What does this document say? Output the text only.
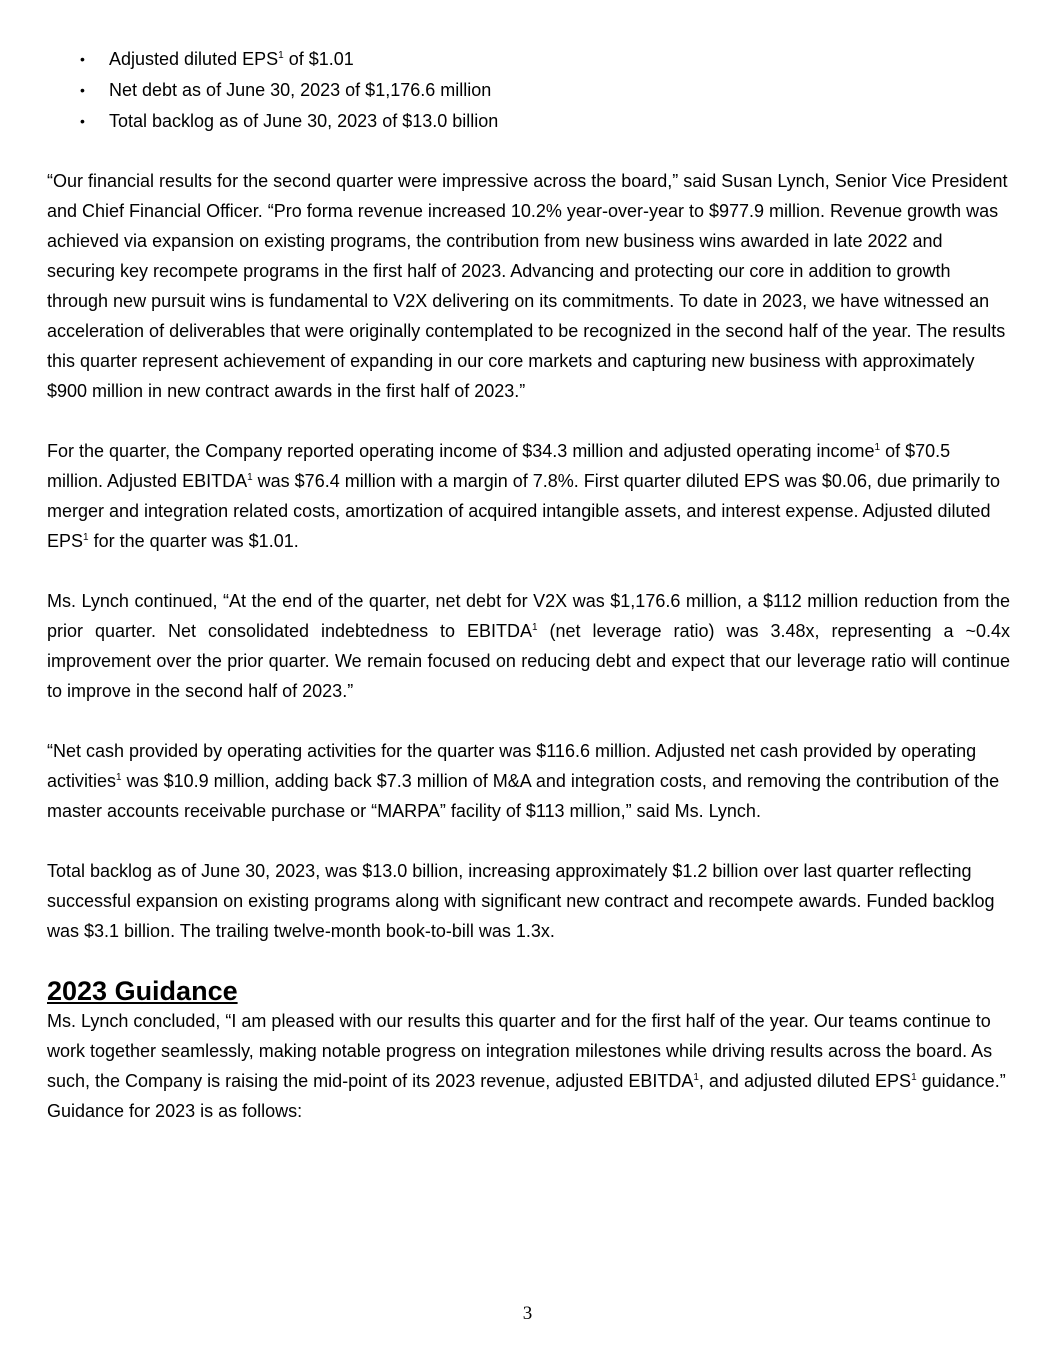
• Adjusted diluted EPS$^1$ of $1.01
• Net debt as of June 30, 2023 of $1,176.6 million
• Total backlog as of June 30, 2023 of $13.0 billion

“Our financial results for the second quarter were impressive across the board,” said Susan Lynch, Senior Vice President and Chief Financial Officer. “Pro forma revenue increased 10.2% year-over-year to $977.9 million. Revenue growth was achieved via expansion on existing programs, the contribution from new business wins awarded in late 2022 and securing key recompete programs in the first half of 2023. Advancing and protecting our core in addition to growth through new pursuit wins is fundamental to V2X delivering on its commitments. To date in 2023, we have witnessed an acceleration of deliverables that were originally contemplated to be recognized in the second half of the year. The results this quarter represent achievement of expanding in our core markets and capturing new business with approximately $900 million in new contract awards in the first half of 2023.”

For the quarter, the Company reported operating income of $34.3 million and adjusted operating income$^1$ of $70.5 million. Adjusted EBITDA$^1$ was $76.4 million with a margin of 7.8%. First quarter diluted EPS was $0.06, due primarily to merger and integration related costs, amortization of acquired intangible assets, and interest expense. Adjusted diluted EPS$^1$ for the quarter was $1.01.

Ms. Lynch continued, “At the end of the quarter, net debt for V2X was $1,176.6 million, a $112 million reduction from the prior quarter. Net consolidated indebtedness to EBITDA$^1$ (net leverage ratio) was 3.48x, representing a ~0.4x improvement over the prior quarter. We remain focused on reducing debt and expect that our leverage ratio will continue to improve in the second half of 2023.”

“Net cash provided by operating activities for the quarter was $116.6 million. Adjusted net cash provided by operating activities$^1$ was $10.9 million, adding back $7.3 million of M&A and integration costs, and removing the contribution of the master accounts receivable purchase or “MARPA” facility of $113 million,” said Ms. Lynch.

Total backlog as of June 30, 2023, was $13.0 billion, increasing approximately $1.2 billion over last quarter reflecting successful expansion on existing programs along with significant new contract and recompete awards. Funded backlog was $3.1 billion. The trailing twelve-month book-to-bill was 1.3x.

2023 Guidance

Ms. Lynch concluded, “I am pleased with our results this quarter and for the first half of the year. Our teams continue to work together seamlessly, making notable progress on integration milestones while driving results across the board. As such, the Company is raising the mid-point of its 2023 revenue, adjusted EBITDA$^1$, and adjusted diluted EPS$^1$ guidance.” Guidance for 2023 is as follows:

3
